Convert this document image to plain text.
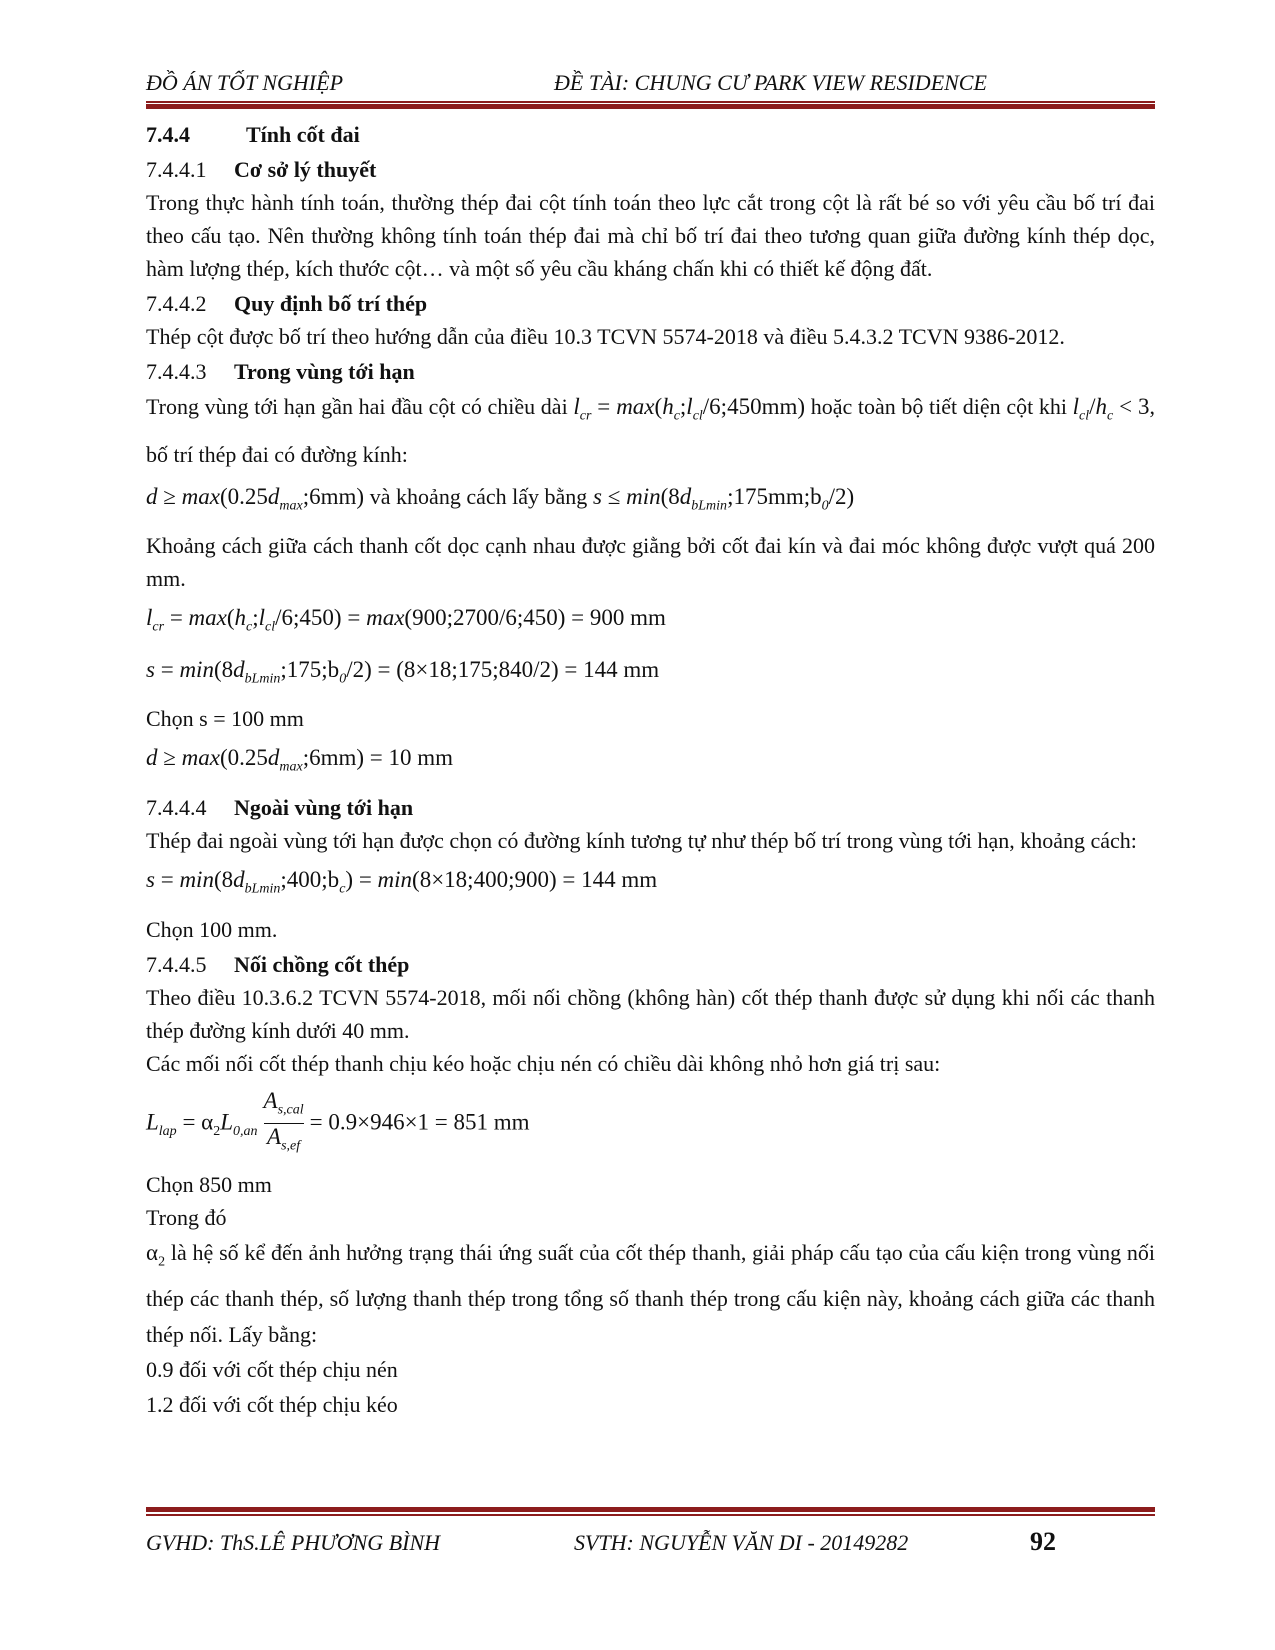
ĐỒ ÁN TỐT NGHIỆP	ĐỀ TÀI: CHUNG CƯ PARK VIEW RESIDENCE
7.4.4	Tính cốt đai
7.4.4.1 Cơ sở lý thuyết

Trong thực hành tính toán, thường thép đai cột tính toán theo lực cắt trong cột là rất bé so với yêu cầu bố trí đai theo cấu tạo. Nên thường không tính toán thép đai mà chỉ bố trí đai theo tương quan giữa đường kính thép dọc, hàm lượng thép, kích thước cột… và một số yêu cầu kháng chấn khi có thiết kế động đất.

7.4.4.2 Quy định bố trí thép

Thép cột được bố trí theo hướng dẫn của điều 10.3 TCVN 5574-2018 và điều 5.4.3.2 TCVN 9386-2012.

7.4.4.3 Trong vùng tới hạn

Trong vùng tới hạn gần hai đầu cột có chiều dài $l_{cr}$ = $\max(h_c;l_{cl}/6;450mm)$ hoặc toàn bộ tiết diện cột khi $l_{cl}/h_c < 3$, bố trí thép đai có đường kính:

$d \ge \max(0.25d_{max};6mm)$ và khoảng cách lấy bằng $s \le \min(8d_{bLmin};175mm;b_0/2)$

Khoảng cách giữa cách thanh cốt dọc cạnh nhau được giằng bởi cốt đai kín và đai móc không được vượt quá 200 mm.

$l_{cr}$ = $\max(h_c;l_{cl}/6;450)$ = max(900;2700/6;450) = 900 mm
$s = \min(8d_{bLmin};175;b_0/2)$ = (8×18;175;840/2) = 144 mm

Chọn s = 100 mm

$d \ge \max(0.25d_{max};6mm) = 10$ mm
7.4.4.4 Ngoài vùng tới hạn

Thép đai ngoài vùng tới hạn được chọn có đường kính tương tự như thép bố trí trong vùng tới hạn, khoảng cách:

$s = \min(8d_{bLmin};400;b_c)$ = min(8×18;400;900) = 144 mm

Chọn 100 mm.

7.4.4.5 Nối chồng cốt thép

Theo điều 10.3.6.2 TCVN 5574-2018, mối nối chồng (không hàn) cốt thép thanh được sử dụng khi nối các thanh thép đường kính dưới 40 mm.

Các mối nối cốt thép thanh chịu kéo hoặc chịu nén có chiều dài không nhỏ hơn giá trị sau:

$L_{lap} = \alpha_2L_{0,an} \frac{A_{s,cal}}{A_{s,ef}} = 0.9\times 946\times 1 = 851$ mm

Chọn 850 mm

Trong đó

$\alpha_2$ là hệ số kể đến ảnh hưởng trạng thái ứng suất của cốt thép thanh, giải pháp cấu tạo của cấu kiện trong vùng nối thép các thanh thép, số lượng thanh thép trong tổng số thanh thép trong cấu kiện này, khoảng cách giữa các thanh thép nối. Lấy bằng:

0.9 đối với cốt thép chịu nén

1.2 đối với cốt thép chịu kéo

GVHD: ThS.LÊ PHƯƠNG BÌNH	SVTH: NGUYỄN VĂN DI - 20149282	92
